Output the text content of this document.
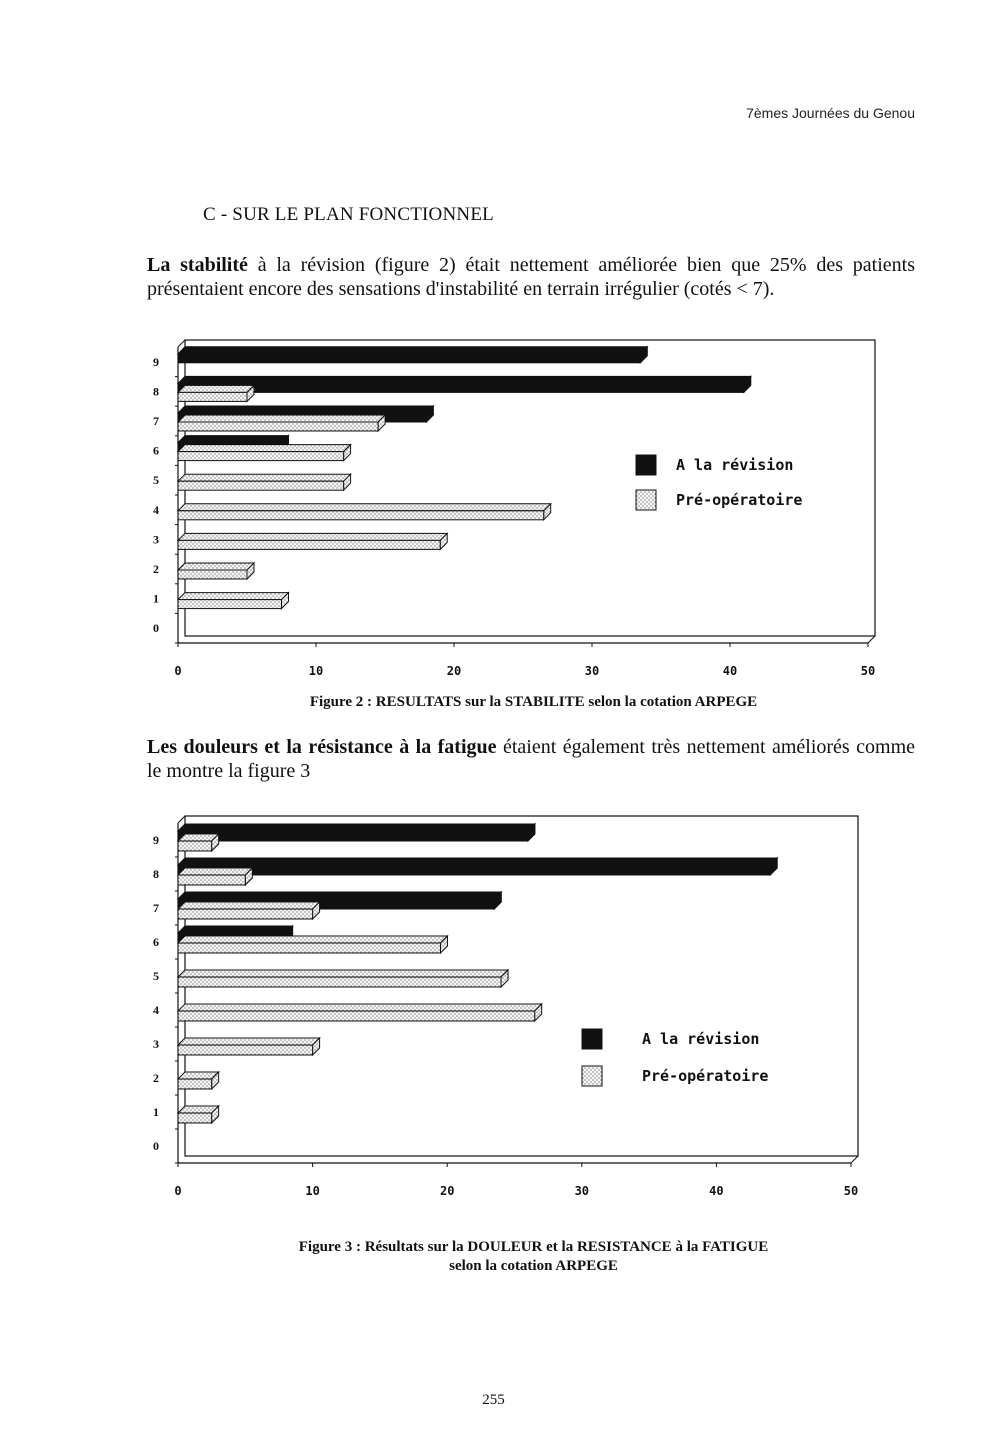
7èmes Journées du Genou
C - SUR LE PLAN FONCTIONNEL
La stabilité à la révision (figure 2) était nettement améliorée bien que 25% des patients présentaient encore des sensations d'instabilité en terrain irrégulier (cotés < 7).
0	10	20	30	40	50
0
1
2
3
4
5
6
7
8
9
A la révision
Pré-opératoire
Figure 2 : RESULTATS sur la STABILITE selon la cotation ARPEGE
Les douleurs et la résistance à la fatigue étaient également très nettement améliorés comme le montre la figure 3
0	10	20	30	40	50
0
1
2
3
4
5
6
7
8
9
A la révision
Pré-opératoire
Figure 3 : Résultats sur la DOULEUR et la RESISTANCE à la FATIGUE
selon la cotation ARPEGE
255
